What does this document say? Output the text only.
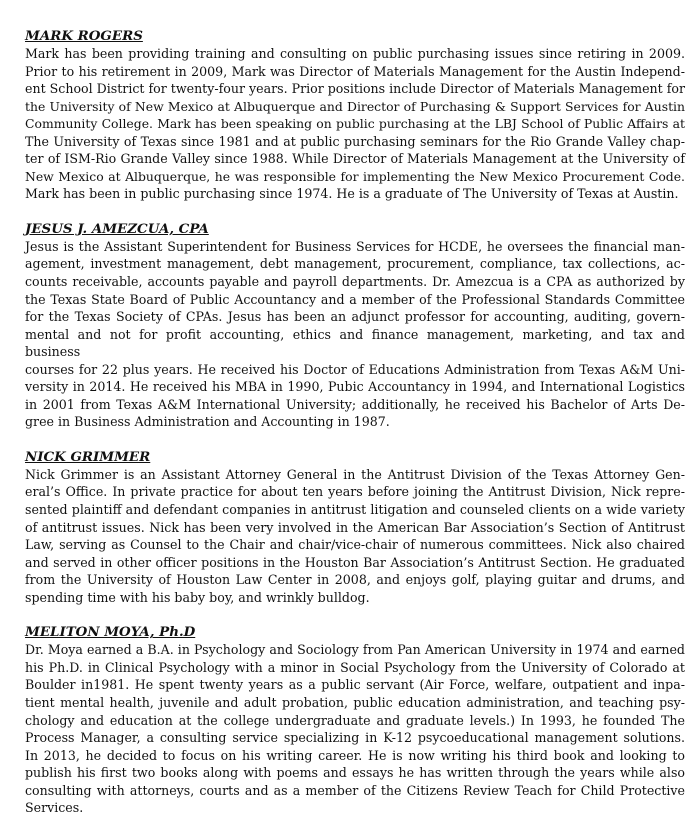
MARK ROGERS
Mark has been providing training and consulting on public purchasing issues since retiring in 2009.
Prior to his retirement in 2009, Mark was Director of Materials Management for the Austin Independ-
ent School District for twenty-four years. Prior positions include Director of Materials Management for
the University of New Mexico at Albuquerque and Director of Purchasing & Support Services for Austin
Community College. Mark has been speaking on public purchasing at the LBJ School of Public Affairs at
The University of Texas since 1981 and at public purchasing seminars for the Rio Grande Valley chap-
ter of ISM-Rio Grande Valley since 1988. While Director of Materials Management at the University of
New Mexico at Albuquerque, he was responsible for implementing the New Mexico Procurement Code.
Mark has been in public purchasing since 1974. He is a graduate of The University of Texas at Austin.
JESUS J. AMEZCUA, CPA
Jesus is the Assistant Superintendent for Business Services for HCDE, he oversees the financial man-
agement, investment management, debt management, procurement, compliance, tax collections, ac-
counts receivable, accounts payable and payroll departments. Dr. Amezcua is a CPA as authorized by
the Texas State Board of Public Accountancy and a member of the Professional Standards Committee
for the Texas Society of CPAs. Jesus has been an adjunct professor for accounting, auditing, govern-
mental and not for profit accounting, ethics and finance management, marketing, and tax and business
courses for 22 plus years. He received his Doctor of Educations Administration from Texas A&M Uni-
versity in 2014. He received his MBA in 1990, Pubic Accountancy in 1994, and International Logistics
in 2001 from Texas A&M International University; additionally, he received his Bachelor of Arts De-
gree in Business Administration and Accounting in 1987.
NICK GRIMMER
Nick Grimmer is an Assistant Attorney General in the Antitrust Division of the Texas Attorney Gen-
eral’s Office. In private practice for about ten years before joining the Antitrust Division, Nick repre-
sented plaintiff and defendant companies in antitrust litigation and counseled clients on a wide variety
of antitrust issues. Nick has been very involved in the American Bar Association’s Section of Antitrust
Law, serving as Counsel to the Chair and chair/vice-chair of numerous committees. Nick also chaired
and served in other officer positions in the Houston Bar Association’s Antitrust Section. He graduated
from the University of Houston Law Center in 2008, and enjoys golf, playing guitar and drums, and
spending time with his baby boy, and wrinkly bulldog.
MELITON MOYA, Ph.D
Dr. Moya earned a B.A. in Psychology and Sociology from Pan American University in 1974 and earned
his Ph.D. in Clinical Psychology with a minor in Social Psychology from the University of Colorado at
Boulder in1981. He spent twenty years as a public servant (Air Force, welfare, outpatient and inpa-
tient mental health, juvenile and adult probation, public education administration, and teaching psy-
chology and education at the college undergraduate and graduate levels.) In 1993, he founded The
Process Manager, a consulting service specializing in K-12 psycoeducational management solutions.
In 2013, he decided to focus on his writing career. He is now writing his third book and looking to
publish his first two books along with poems and essays he has written through the years while also
consulting with attorneys, courts and as a member of the Citizens Review Teach for Child Protective
Services.
